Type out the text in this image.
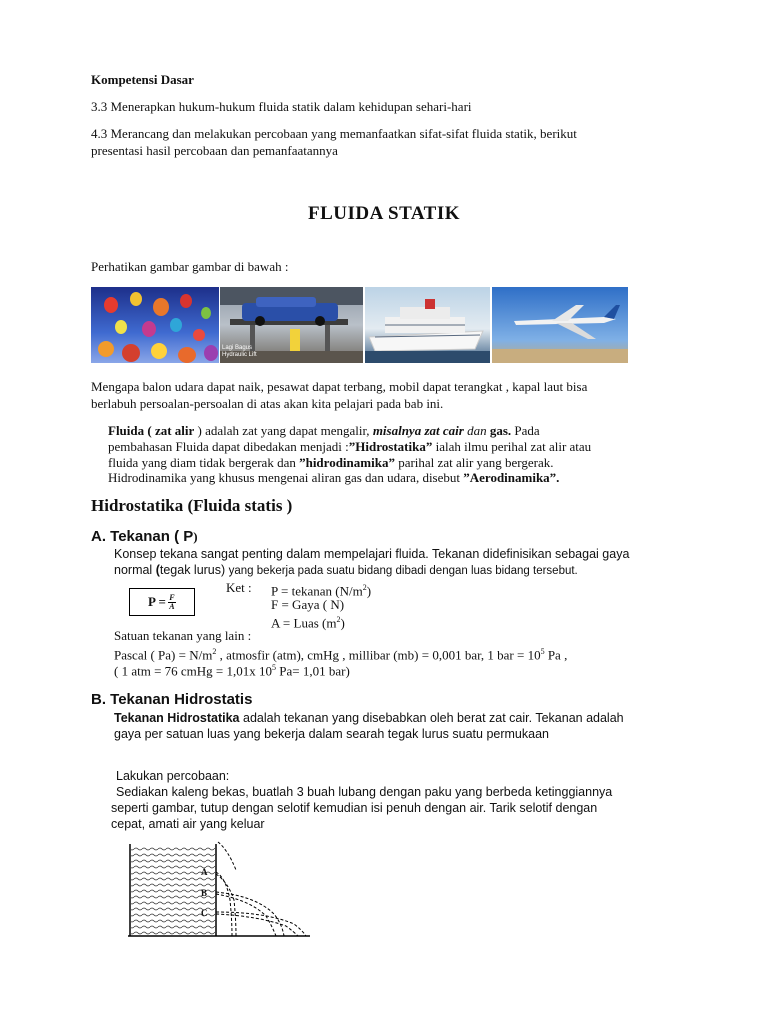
Kompetensi Dasar
3.3 Menerapkan hukum-hukum fluida statik dalam kehidupan sehari-hari
4.3 Merancang dan melakukan percobaan yang memanfaatkan sifat-sifat fluida statik, berikut
presentasi hasil percobaan dan pemanfaatannya
FLUIDA STATIK
Perhatikan gambar gambar di bawah :
Lagi Bagus Hydraulic Lift
Mengapa balon udara dapat naik, pesawat dapat terbang, mobil dapat terangkat , kapal laut bisa
berlabuh persoalan-persoalan di atas akan kita pelajari pada bab ini.
Fluida ( zat alir ) adalah zat yang dapat mengalir, misalnya zat cair dan gas. Pada
pembahasan Fluida dapat dibedakan menjadi :”Hidrostatika” ialah ilmu perihal zat alir atau
fluida yang diam tidak bergerak dan ”hidrodinamika” parihal zat alir yang bergerak.
Hidrodinamika yang khusus mengenai aliran gas dan udara, disebut ”Aerodinamika”.
Hidrostatika (Fluida statis )
A. Tekanan ( P)
Konsep tekana sangat penting dalam mempelajari fluida. Tekanan didefinisikan sebagai gaya
normal (tegak lurus) yang bekerja pada suatu bidang dibadi dengan luas bidang tersebut.
$P = \frac{F}{A}$
Ket : P = tekanan $(N/m^2)$
F = Gaya ( N)
A = Luas $(m^2)$
Satuan tekanan yang lain :
Pascal ( $Pa) = N/m^2$ , atmosfir (atm), cmHg , millibar (mb) = 0,001 bar, 1 bar = $10^5$ Pa ,
( 1 atm = 76 cmHg = 1,01x $10^5$ Pa= 1,01 bar)
B. Tekanan Hidrostatis
Tekanan Hidrostatika adalah tekanan yang disebabkan oleh berat zat cair. Tekanan adalah
gaya per satuan luas yang bekerja dalam searah tegak lurus suatu permukaan
Lakukan percobaan:
Sediakan kaleng bekas, buatlah 3 buah lubang dengan paku yang berbeda ketinggiannya
seperti gambar, tutup dengan selotif kemudian isi penuh dengan air. Tarik selotif dengan
cepat, amati air yang keluar
A
B
C
